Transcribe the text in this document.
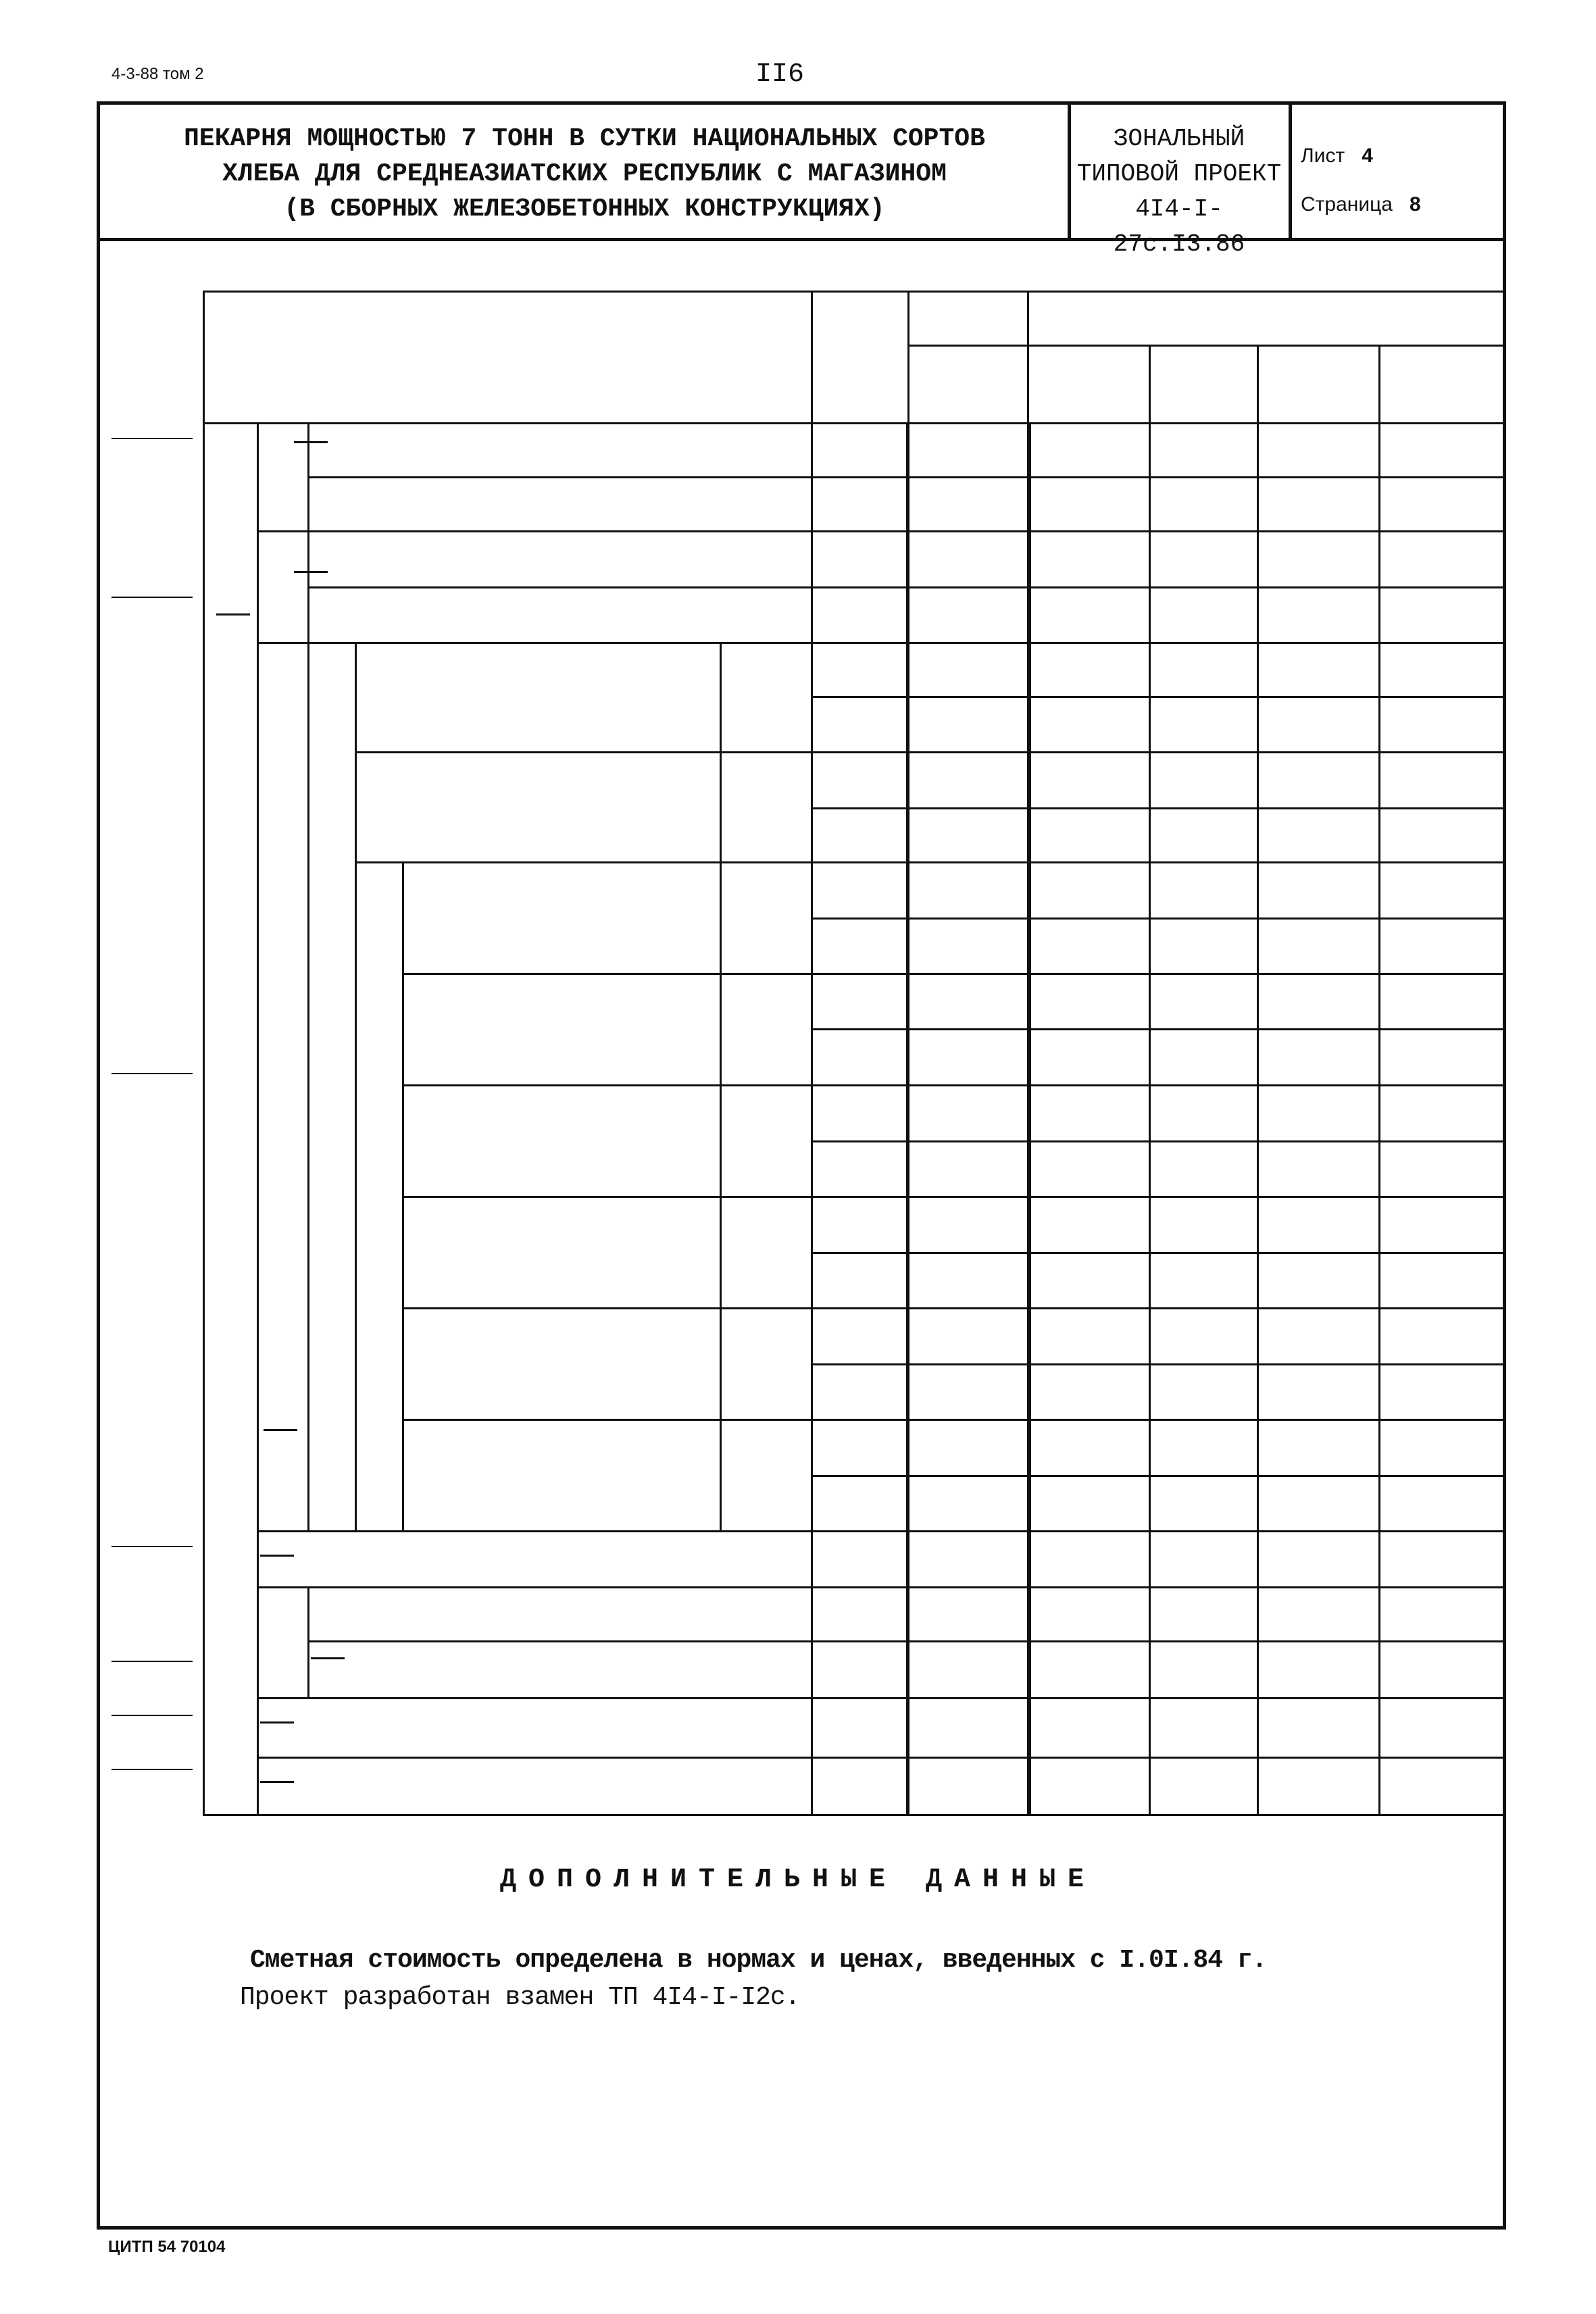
4-3-88 том 2	II6
ПЕКАРНЯ МОЩНОСТЬЮ 7 ТОНН В СУТКИ НАЦИОНАЛЬНЫХ СОРТОВ
ХЛЕБА ДЛЯ СРЕДНЕАЗИАТСКИХ РЕСПУБЛИК С МАГАЗИНОМ
(В СБОРНЫХ ЖЕЛЕЗОБЕТОННЫХ КОНСТРУКЦИЯХ)
ЗОНАЛЬНЫЙ
ТИПОВОЙ ПРОЕКТ
4I4-I-27с.I3.86
Лист 4
Страница 8
ДОПОЛНИТЕЛЬНЫЕ ДАННЫЕ
Сметная стоимость определена в нормах и ценах, введенных с I.0I.84 г.
Проект разработан взамен ТП 4I4-I-I2с.
ЦИТП 54 70104
